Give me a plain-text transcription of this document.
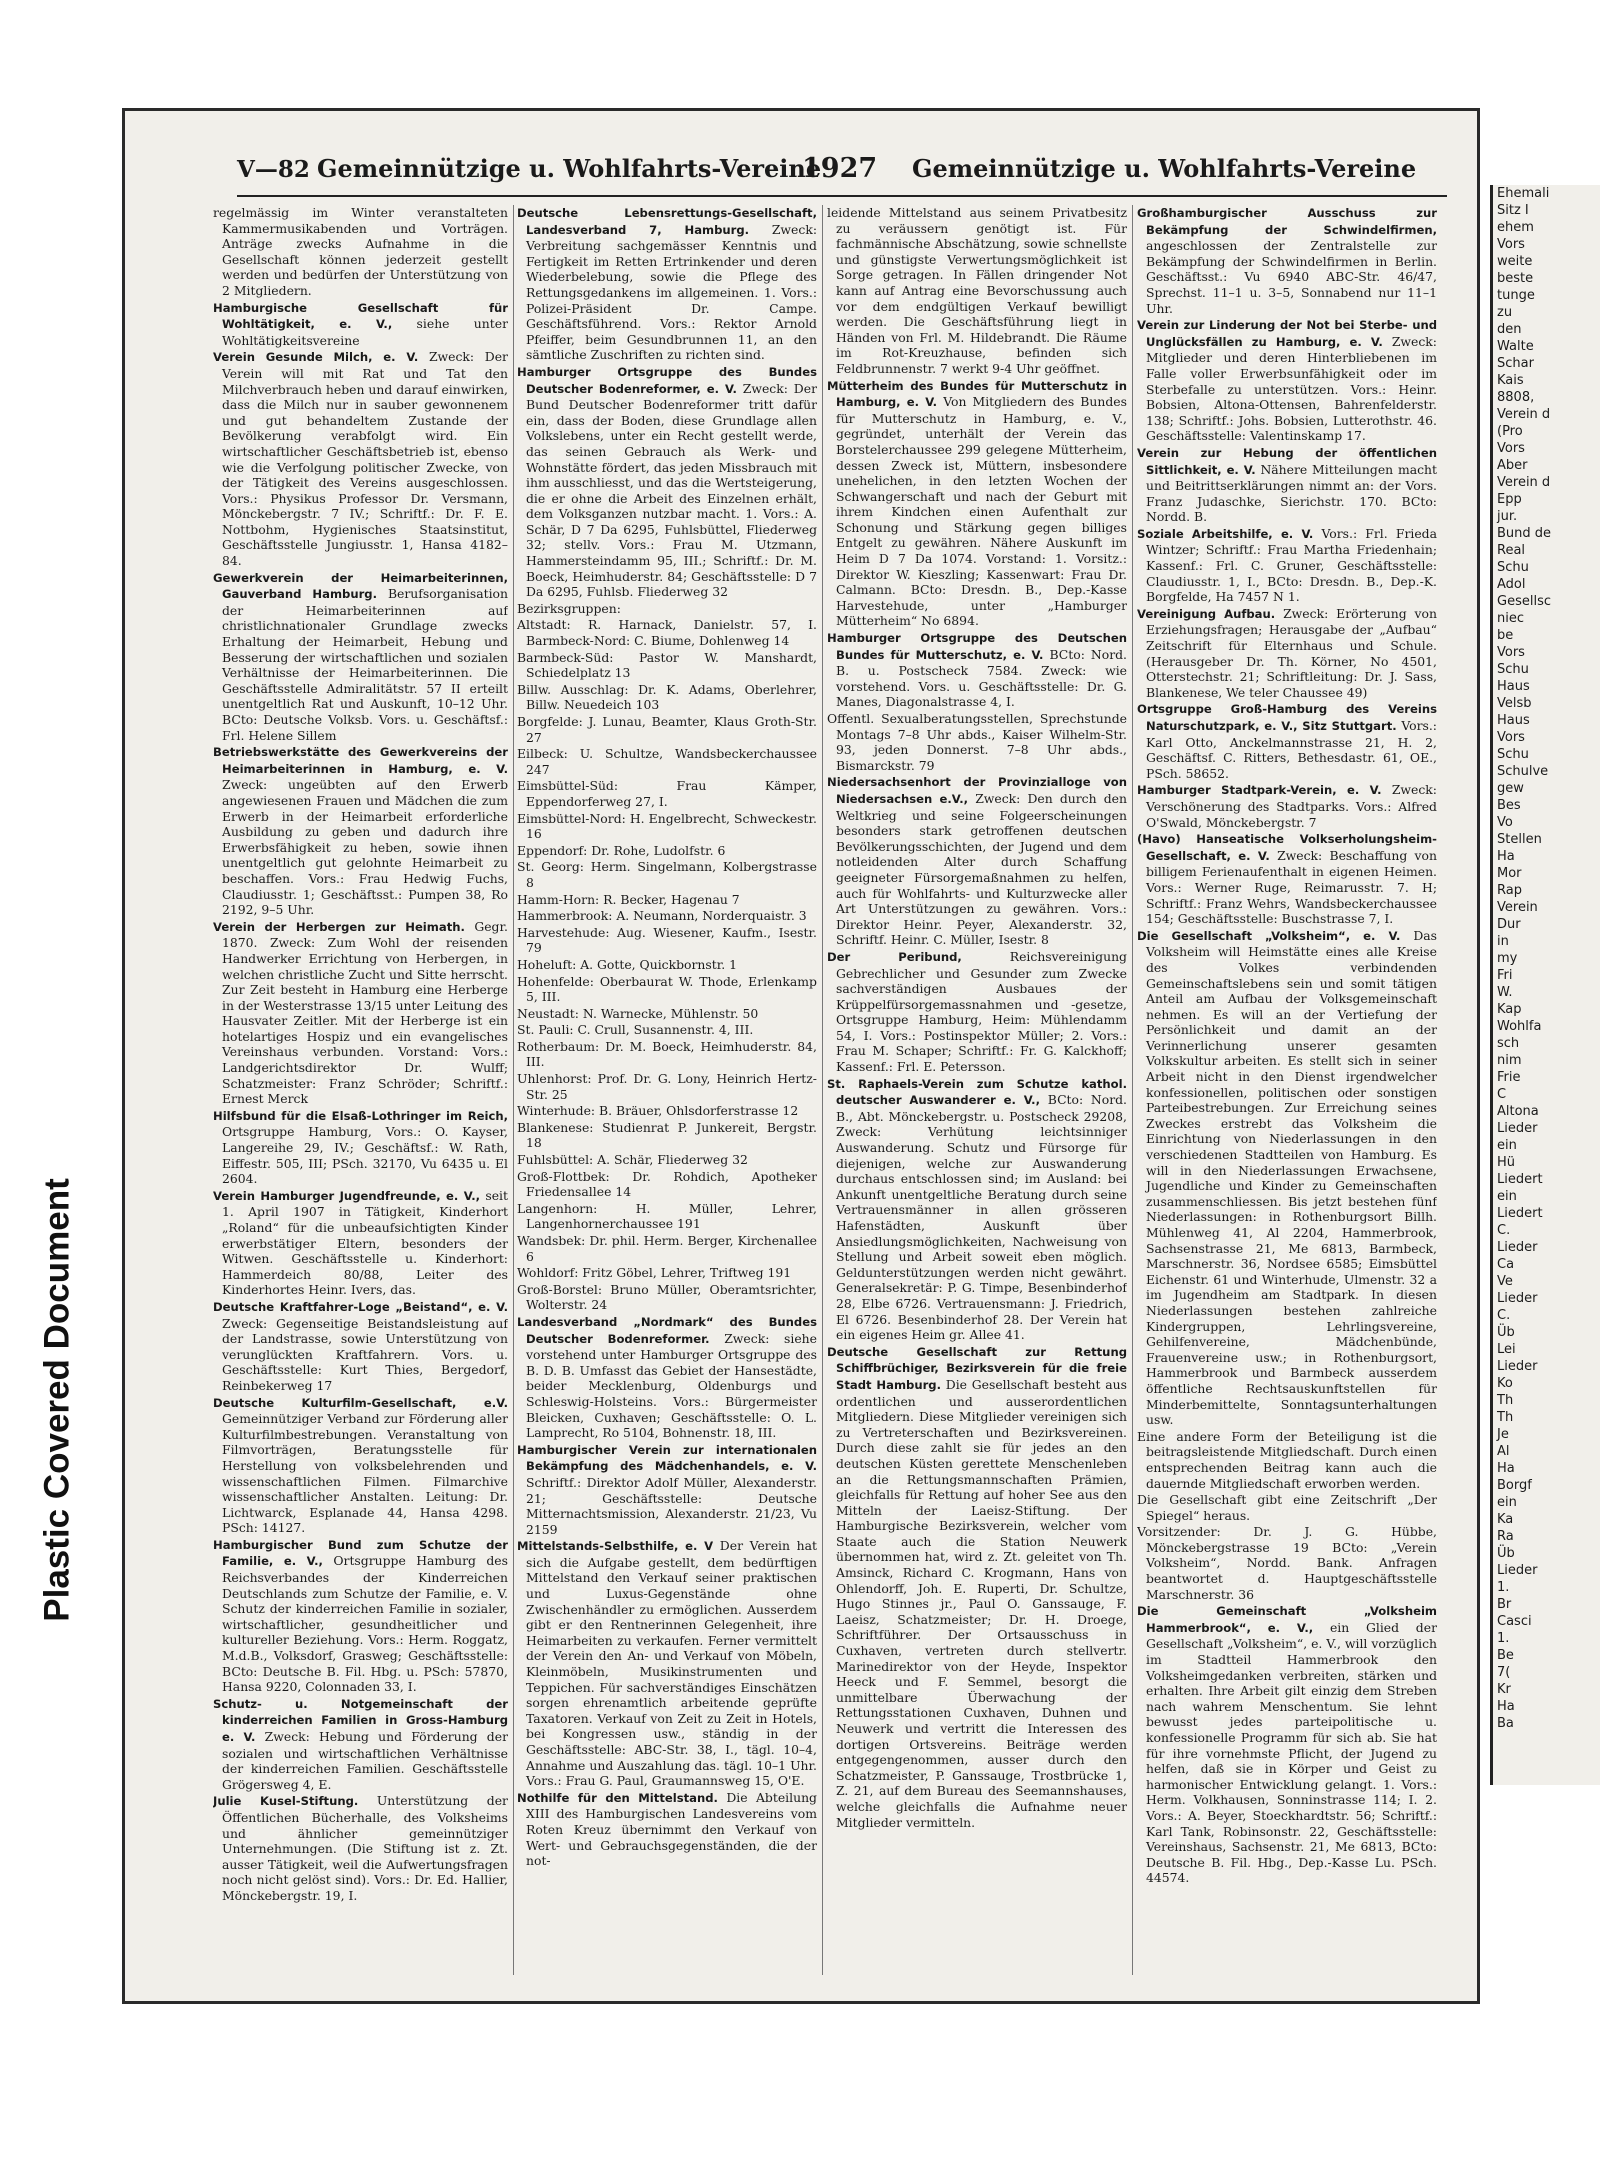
Plastic Covered Document
V—82 Gemeinnützige u. Wohlfahrts-Vereine
1927	Gemeinnützige u. Wohlfahrts-Vereine

regelmässig im Winter veranstalteten Kammermusikabenden und Vorträgen. Anträge zwecks Aufnahme in die Gesellschaft können jederzeit gestellt werden und bedürfen der Unterstützung von 2 Mitgliedern.

Hamburgische Gesellschaft für Wohltätigkeit, e. V., siehe unter Wohltätigkeitsvereine

Verein Gesunde Milch, e. V. Zweck: Der Verein will mit Rat und Tat den Milchverbrauch heben und darauf einwirken, dass die Milch nur in sauber gewonnenem und gut behandeltem Zustande der Bevölkerung verabfolgt wird. Ein wirtschaftlicher Geschäftsbetrieb ist, ebenso wie die Verfolgung politischer Zwecke, von der Tätigkeit des Vereins ausgeschlossen. Vors.: Physikus Professor Dr. Versmann, Mönckebergstr. 7 IV.; Schriftf.: Dr. F. E. Nottbohm, Hygienisches Staatsinstitut, Geschäftsstelle Jungiusstr. 1, Hansa 4182–84.

Gewerkverein der Heimarbeiterinnen, Gauverband Hamburg. Berufsorganisation der Heimarbeiterinnen auf christlichnationaler Grundlage zwecks Erhaltung der Heimarbeit, Hebung und Besserung der wirtschaftlichen und sozialen Verhältnisse der Heimarbeiterinnen. Die Geschäftsstelle Admiralitätstr. 57 II erteilt unentgeltlich Rat und Auskunft, 10–12 Uhr. BCto: Deutsche Volksb. Vors. u. Geschäftsf.: Frl. Helene Sillem

Betriebswerkstätte des Gewerkvereins der Heimarbeiterinnen in Hamburg, e. V. Zweck: ungeübten auf den Erwerb angewiesenen Frauen und Mädchen die zum Erwerb in der Heimarbeit erforderliche Ausbildung zu geben und dadurch ihre Erwerbsfähigkeit zu heben, sowie ihnen unentgeltlich gut gelohnte Heimarbeit zu beschaffen. Vors.: Frau Hedwig Fuchs, Claudiusstr. 1; Geschäftsst.: Pumpen 38, Ro 2192, 9–5 Uhr.

Verein der Herbergen zur Heimath. Gegr. 1870. Zweck: Zum Wohl der reisenden Handwerker Errichtung von Herbergen, in welchen christliche Zucht und Sitte herrscht. Zur Zeit besteht in Hamburg eine Herberge in der Westerstrasse 13/15 unter Leitung des Hausvater Zeitler. Mit der Herberge ist ein hotelartiges Hospiz und ein evangelisches Vereinshaus verbunden. Vorstand: Vors.: Landgerichtsdirektor Dr. Wulff; Schatzmeister: Franz Schröder; Schriftf.: Ernest Merck

Hilfsbund für die Elsaß-Lothringer im Reich, Ortsgruppe Hamburg, Vors.: O. Kayser, Langereihe 29, IV.; Geschäftsf.: W. Rath, Eiffestr. 505, III; PSch. 32170, Vu 6435 u. El 2604.

Verein Hamburger Jugendfreunde, e. V., seit 1. April 1907 in Tätigkeit, Kinderhort „Roland“ für die unbeaufsichtigten Kinder erwerbstätiger Eltern, besonders der Witwen. Geschäftsstelle u. Kinderhort: Hammerdeich 80/88, Leiter des Kinderhortes Heinr. Ivers, das.

Deutsche Kraftfahrer-Loge „Beistand“, e. V. Zweck: Gegenseitige Beistandsleistung auf der Landstrasse, sowie Unterstützung von verunglückten Kraftfahrern. Vors. u. Geschäftsstelle: Kurt Thies, Bergedorf, Reinbekerweg 17

Deutsche Kulturfilm-Gesellschaft, e.V. Gemeinnütziger Verband zur Förderung aller Kulturfilmbestrebungen. Veranstaltung von Filmvorträgen, Beratungsstelle für Herstellung von volksbelehrenden und wissenschaftlichen Filmen. Filmarchive wissenschaftlicher Anstalten. Leitung: Dr. Lichtwarck, Esplanade 44, Hansa 4298. PSch: 14127.

Hamburgischer Bund zum Schutze der Familie, e. V., Ortsgruppe Hamburg des Reichsverbandes der Kinderreichen Deutschlands zum Schutze der Familie, e. V. Schutz der kinderreichen Familie in sozialer, wirtschaftlicher, gesundheitlicher und kultureller Beziehung. Vors.: Herm. Roggatz, M.d.B., Volksdorf, Grasweg; Geschäftsstelle: BCto: Deutsche B. Fil. Hbg. u. PSch: 57870, Hansa 9220, Colonnaden 33, I.

Schutz- u. Notgemeinschaft der kinderreichen Familien in Gross-Hamburg e. V. Zweck: Hebung und Förderung der sozialen und wirtschaftlichen Verhältnisse der kinderreichen Familien. Geschäftsstelle Grögersweg 4, E.

Julie Kusel-Stiftung. Unterstützung der Öffentlichen Bücherhalle, des Volksheims und ähnlicher gemeinnütziger Unternehmungen. (Die Stiftung ist z. Zt. ausser Tätigkeit, weil die Aufwertungsfragen noch nicht gelöst sind). Vors.: Dr. Ed. Hallier, Mönckebergstr. 19, I.

Deutsche Lebensrettungs-Gesellschaft, Landesverband 7, Hamburg. Zweck: Verbreitung sachgemässer Kenntnis und Fertigkeit im Retten Ertrinkender und deren Wiederbelebung, sowie die Pflege des Rettungsgedankens im allgemeinen. 1. Vors.: Polizei-Präsident Dr. Campe. Geschäftsführend. Vors.: Rektor Arnold Pfeiffer, beim Gesundbrunnen 11, an den sämtliche Zuschriften zu richten sind.

Hamburger Ortsgruppe des Bundes Deutscher Bodenreformer, e. V. Zweck: Der Bund Deutscher Bodenreformer tritt dafür ein, dass der Boden, diese Grundlage allen Volkslebens, unter ein Recht gestellt werde, das seinen Gebrauch als Werk- und Wohnstätte fördert, das jeden Missbrauch mit ihm ausschliesst, und das die Wertsteigerung, die er ohne die Arbeit des Einzelnen erhält, dem Volksganzen nutzbar macht. 1. Vors.: A. Schär, D 7 Da 6295, Fuhlsbüttel, Fliederweg 32; stellv. Vors.: Frau M. Utzmann, Hammersteindamm 95, III.; Schriftf.: Dr. M. Boeck, Heimhuderstr. 84; Geschäftsstelle: D 7 Da 6295, Fuhlsb. Fliederweg 32

Bezirksgruppen:

Altstadt: R. Harnack, Danielstr. 57, I. Barmbeck-Nord: C. Biume, Dohlenweg 14

Barmbeck-Süd: Pastor W. Manshardt, Schiedelplatz 13

Billw. Ausschlag: Dr. K. Adams, Oberlehrer, Billw. Neuedeich 103

Borgfelde: J. Lunau, Beamter, Klaus Groth-Str. 27

Eilbeck: U. Schultze, Wandsbeckerchaussee 247

Eimsbüttel-Süd: Frau Kämper, Eppendorferweg 27, I.

Eimsbüttel-Nord: H. Engelbrecht, Schweckestr. 16

Eppendorf: Dr. Rohe, Ludolfstr. 6

St. Georg: Herm. Singelmann, Kolbergstrasse 8

Hamm-Horn: R. Becker, Hagenau 7

Hammerbrook: A. Neumann, Norderquaistr. 3

Harvestehude: Aug. Wiesener, Kaufm., Isestr. 79

Hoheluft: A. Gotte, Quickbornstr. 1

Hohenfelde: Oberbaurat W. Thode, Erlenkamp 5, III.

Neustadt: N. Warnecke, Mühlenstr. 50

St. Pauli: C. Crull, Susannenstr. 4, III.

Rotherbaum: Dr. M. Boeck, Heimhuderstr. 84, III.

Uhlenhorst: Prof. Dr. G. Lony, Heinrich Hertz-Str. 25

Winterhude: B. Bräuer, Ohlsdorferstrasse 12

Blankenese: Studienrat P. Junkereit, Bergstr. 18

Fuhlsbüttel: A. Schär, Fliederweg 32

Groß-Flottbek: Dr. Rohdich, Apotheker Friedensallee 14

Langenhorn: H. Müller, Lehrer, Langenhornerchaussee 191

Wandsbek: Dr. phil. Herm. Berger, Kirchenallee 6

Wohldorf: Fritz Göbel, Lehrer, Triftweg 191

Groß-Borstel: Bruno Müller, Oberamtsrichter, Wolterstr. 24

Landesverband „Nordmark“ des Bundes Deutscher Bodenreformer. Zweck: siehe vorstehend unter Hamburger Ortsgruppe des B. D. B. Umfasst das Gebiet der Hansestädte, beider Mecklenburg, Oldenburgs und Schleswig-Holsteins. Vors.: Bürgermeister Bleicken, Cuxhaven; Geschäftsstelle: O. L. Lamprecht, Ro 5104, Bohnenstr. 18, III.

Hamburgischer Verein zur internationalen Bekämpfung des Mädchenhandels, e. V. Schriftf.: Direktor Adolf Müller, Alexanderstr. 21; Geschäftsstelle: Deutsche Mitternachtsmission, Alexanderstr. 21/23, Vu 2159

Mittelstands-Selbsthilfe, e. V Der Verein hat sich die Aufgabe gestellt, dem bedürftigen Mittelstand den Verkauf seiner praktischen und Luxus-Gegenstände ohne Zwischenhändler zu ermöglichen. Ausserdem gibt er den Rentnerinnen Gelegenheit, ihre Heimarbeiten zu verkaufen. Ferner vermittelt der Verein den An- und Verkauf von Möbeln, Kleinmöbeln, Musikinstrumenten und Teppichen. Für sachverständiges Einschätzen sorgen ehrenamtlich arbeitende geprüfte Taxatoren. Verkauf von Zeit zu Zeit in Hotels, bei Kongressen usw., ständig in der Geschäftsstelle: ABC-Str. 38, I., tägl. 10–4, Annahme und Auszahlung das. tägl. 10–1 Uhr. Vors.: Frau G. Paul, Graumannsweg 15, O'E.

Nothilfe für den Mittelstand. Die Abteilung XIII des Hamburgischen Landesvereins vom Roten Kreuz übernimmt den Verkauf von Wert- und Gebrauchsgegenständen, die der not-

leidende Mittelstand aus seinem Privatbesitz zu veräussern genötigt ist. Für fachmännische Abschätzung, sowie schnellste und günstigste Verwertungsmöglichkeit ist Sorge getragen. In Fällen dringender Not kann auf Antrag eine Bevorschussung auch vor dem endgültigen Verkauf bewilligt werden. Die Geschäftsführung liegt in Händen von Frl. M. Hildebrandt. Die Räume im Rot-Kreuzhause, befinden sich Feldbrunnenstr. 7 werkt 9-4 Uhr geöffnet.

Mütterheim des Bundes für Mutterschutz in Hamburg, e. V. Von Mitgliedern des Bundes für Mutterschutz in Hamburg, e. V., gegründet, unterhält der Verein das Borstelerchaussee 299 gelegene Mütterheim, dessen Zweck ist, Müttern, insbesondere unehelichen, in den letzten Wochen der Schwangerschaft und nach der Geburt mit ihrem Kindchen einen Aufenthalt zur Schonung und Stärkung gegen billiges Entgelt zu gewähren. Nähere Auskunft im Heim D 7 Da 1074. Vorstand: 1. Vorsitz.: Direktor W. Kieszling; Kassenwart: Frau Dr. Calmann. BCto: Dresdn. B., Dep.-Kasse Harvestehude, unter „Hamburger Mütterheim“ No 6894.

Hamburger Ortsgruppe des Deutschen Bundes für Mutterschutz, e. V. BCto: Nord. B. u. Postscheck 7584. Zweck: wie vorstehend. Vors. u. Geschäftsstelle: Dr. G. Manes, Diagonalstrasse 4, I.

Offentl. Sexualberatungsstellen, Sprechstunde Montags 7–8 Uhr abds., Kaiser Wilhelm-Str. 93, jeden Donnerst. 7–8 Uhr abds., Bismarckstr. 79

Niedersachsenhort der Provinzialloge von Niedersachsen e.V., Zweck: Den durch den Weltkrieg und seine Folgeerscheinungen besonders stark getroffenen deutschen Bevölkerungsschichten, der Jugend und dem notleidenden Alter durch Schaffung geeigneter Fürsorgemaßnahmen zu helfen, auch für Wohlfahrts- und Kulturzwecke aller Art Unterstützungen zu gewähren. Vors.: Direktor Heinr. Peyer, Alexanderstr. 32, Schriftf. Heinr. C. Müller, Isestr. 8

Der Peribund,	Reichsvereinigung Gebrechlicher und Gesunder zum Zwecke sachverständigen Ausbaues der Krüppelfürsorgemassnahmen und -gesetze, Ortsgruppe Hamburg, Heim: Mühlendamm 54, I. Vors.: Postinspektor Müller; 2. Vors.: Frau M. Schaper; Schriftf.: Fr. G. Kalckhoff; Kassenf.: Frl. E. Petersson.

St. Raphaels-Verein zum Schutze kathol. deutscher Auswanderer e. V., BCto: Nord. B., Abt. Mönckebergstr. u. Postscheck 29208, Zweck: Verhütung leichtsinniger Auswanderung. Schutz und Fürsorge für diejenigen, welche zur Auswanderung durchaus entschlossen sind; im Ausland: bei Ankunft unentgeltliche Beratung durch seine Vertrauensmänner in allen grösseren Hafenstädten, Auskunft über Ansiedlungsmöglichkeiten, Nachweisung von Stellung und Arbeit soweit eben möglich. Geldunterstützungen werden nicht gewährt. Generalsekretär: P. G. Timpe, Besenbinderhof 28, Elbe 6726. Vertrauensmann: J. Friedrich, El 6726. Besenbinderhof 28. Der Verein hat ein eigenes Heim gr. Allee 41.

Deutsche Gesellschaft zur Rettung Schiffbrüchiger, Bezirksverein für die freie Stadt Hamburg. Die Gesellschaft besteht aus ordentlichen und ausserordentlichen Mitgliedern. Diese Mitglieder vereinigen sich zu Vertreterschaften und Bezirksvereinen. Durch diese zahlt sie für jedes an den deutschen Küsten gerettete Menschenleben an die Rettungsmannschaften Prämien, gleichfalls für Rettung auf hoher See aus den Mitteln der Laeisz-Stiftung. Der Hamburgische Bezirksverein, welcher vom Staate auch die Station Neuwerk übernommen hat, wird z. Zt. geleitet von Th. Amsinck, Richard C. Krogmann, Hans von Ohlendorff, Joh. E. Ruperti, Dr. Schultze, Hugo Stinnes jr., Paul O. Ganssauge, F. Laeisz, Schatzmeister; Dr. H. Droege, Schriftführer. Der Ortsausschuss in Cuxhaven, vertreten durch stellvertr. Marinedirektor von der Heyde, Inspektor Heeck und F. Semmel, besorgt die unmittelbare Überwachung der Rettungsstationen Cuxhaven, Duhnen und Neuwerk und vertritt die Interessen des dortigen Ortsvereins. Beiträge werden entgegengenommen, ausser durch den Schatzmeister, P. Ganssauge, Trostbrücke 1, Z. 21, auf dem Bureau des Seemannshauses, welche gleichfalls die Aufnahme neuer Mitglieder vermitteln.

Großhamburgischer Ausschuss zur Bekämpfung der Schwindelfirmen, angeschlossen der Zentralstelle zur Bekämpfung der Schwindelfirmen in Berlin. Geschäftsst.: Vu 6940 ABC-Str. 46/47, Sprechst. 11–1 u. 3–5, Sonnabend nur 11–1 Uhr.

Verein zur Linderung der Not bei Sterbe- und Unglücksfällen zu Hamburg, e. V. Zweck: Mitglieder und deren Hinterbliebenen im Falle voller Erwerbsunfähigkeit oder im Sterbefalle zu unterstützen. Vors.: Heinr. Bobsien, Altona-Ottensen, Bahrenfelderstr. 138; Schriftf.: Johs. Bobsien, Lutterothstr. 46. Geschäftsstelle: Valentinskamp 17.

Verein zur Hebung der öffentlichen Sittlichkeit, e. V. Nähere Mitteilungen macht und Beitrittserklärungen nimmt an: der Vors. Franz Judaschke, Sierichstr. 170. BCto: Nordd. B.

Soziale Arbeitshilfe, e. V. Vors.: Frl. Frieda Wintzer; Schriftf.: Frau Martha Friedenhain; Kassenf.: Frl. C. Gruner, Geschäftsstelle: Claudiusstr. 1, I., BCto: Dresdn. B., Dep.-K. Borgfelde, Ha 7457 N 1.

Vereinigung Aufbau. Zweck: Erörterung von Erziehungsfragen; Herausgabe der „Aufbau“ Zeitschrift für Elternhaus und Schule. (Herausgeber Dr. Th. Körner, No 4501, Otterstechstr. 21; Schriftleitung: Dr. J. Sass, Blankenese, We teler Chaussee 49)

Ortsgruppe Groß-Hamburg des Vereins Naturschutzpark, e. V., Sitz Stuttgart. Vors.: Karl Otto, Anckelmannstrasse 21, H. 2, Geschäftsf. C. Ritters, Bethesdastr. 61, OE., PSch. 58652.

Hamburger Stadtpark-Verein, e. V. Zweck: Verschönerung des Stadtparks. Vors.: Alfred O'Swald, Mönckebergstr. 7

(Havo) Hanseatische Volkserholungsheim-Gesellschaft, e. V. Zweck: Beschaffung von billigem Ferienaufenthalt in eigenen Heimen. Vors.: Werner Ruge, Reimarusstr. 7. H; Schriftf.: Franz Wehrs, Wandsbeckerchaussee 154; Geschäftsstelle: Buschstrasse 7, I.

Die Gesellschaft „Volksheim“, e. V. Das Volksheim will Heimstätte eines alle Kreise des Volkes verbindenden Gemeinschaftslebens sein und somit tätigen Anteil am Aufbau der Volksgemeinschaft nehmen. Es will an der Vertiefung der Persönlichkeit und damit an der Verinnerlichung unserer gesamten Volkskultur arbeiten. Es stellt sich in seiner Arbeit nicht in den Dienst irgendwelcher konfessionellen, politischen oder sonstigen Parteibestrebungen. Zur Erreichung seines Zweckes erstrebt das Volksheim die Einrichtung von Niederlassungen in den verschiedenen Stadtteilen von Hamburg. Es will in den Niederlassungen Erwachsene, Jugendliche und Kinder zu Gemeinschaften zusammenschliessen. Bis jetzt bestehen fünf Niederlassungen: in Rothenburgsort Billh. Mühlenweg 41, Al 2204, Hammerbrook, Sachsenstrasse 21, Me 6813, Barmbeck, Marschnerstr. 36, Nordsee 6585; Eimsbüttel Eichenstr. 61 und Winterhude, Ulmenstr. 32 a im Jugendheim am Stadtpark. In diesen Niederlassungen bestehen zahlreiche Kindergruppen, Lehrlingsvereine, Gehilfenvereine, Mädchenbünde, Frauenvereine usw.; in Rothenburgsort, Hammerbrook und Barmbeck ausserdem öffentliche Rechtsauskunftstellen für Minderbemittelte, Sonntagsunterhaltungen usw.

Eine andere Form der Beteiligung ist die beitragsleistende Mitgliedschaft. Durch einen entsprechenden Beitrag kann auch die dauernde Mitgliedschaft erworben werden.

Die Gesellschaft gibt eine Zeitschrift „Der Spiegel“ heraus.

Vorsitzender: Dr. J. G. Hübbe, Mönckebergstrasse 19 BCto: „Verein Volksheim“, Nordd. Bank. Anfragen beantwortet d. Hauptgeschäftsstelle Marschnerstr. 36

Die Gemeinschaft „Volksheim Hammerbrook“, e. V., ein Glied der Gesellschaft „Volksheim“, e. V., will vorzüglich im Stadtteil Hammerbrook den Volksheimgedanken verbreiten, stärken und erhalten. Ihre Arbeit gilt einzig dem Streben nach wahrem Menschentum. Sie lehnt bewusst jedes parteipolitische u. konfessionelle Programm für sich ab. Sie hat für ihre vornehmste Pflicht, der Jugend zu helfen, daß sie in Körper und Geist zu harmonischer Entwicklung gelangt. 1. Vors.: Herm. Volkhausen, Sonninstrasse 114; I. 2. Vors.: A. Beyer, Stoeckhardtstr. 56; Schriftf.: Karl Tank, Robinsonstr. 22, Geschäftsstelle: Vereinshaus, Sachsenstr. 21, Me 6813, BCto: Deutsche B. Fil. Hbg., Dep.-Kasse Lu. PSch. 44574.

Ehemali
Sitz I
ehem
Vors
weite
beste
tunge
zu
den
Walte
Schar
Kais
8808,
Verein d
(Pro
Vors
Aber
Verein d
Epp
jur.
Bund de
Real
Schu
Adol
Gesellsc
niec
be
Vors
Schu
Haus
Velsb
Haus
Vors
Schu
Schulve
gew
Bes
Vo
Stellen
Ha
Mor
Rap
Verein
Dur
in
my
Fri
W.
Kap
Wohlfa
sch
nim
Frie
C
Altona
Lieder
ein
Hü
Liedert
ein
Liedert
C.
Lieder
Ca
Ve
Lieder
C.
Üb
Lei
Lieder
Ko
Th
Th
Je
Al
Ha
Borgf
ein
Ka
Ra
Üb
Lieder
1.
Br
Casci
1.
Be
7(
Kr
Ha
Ba
